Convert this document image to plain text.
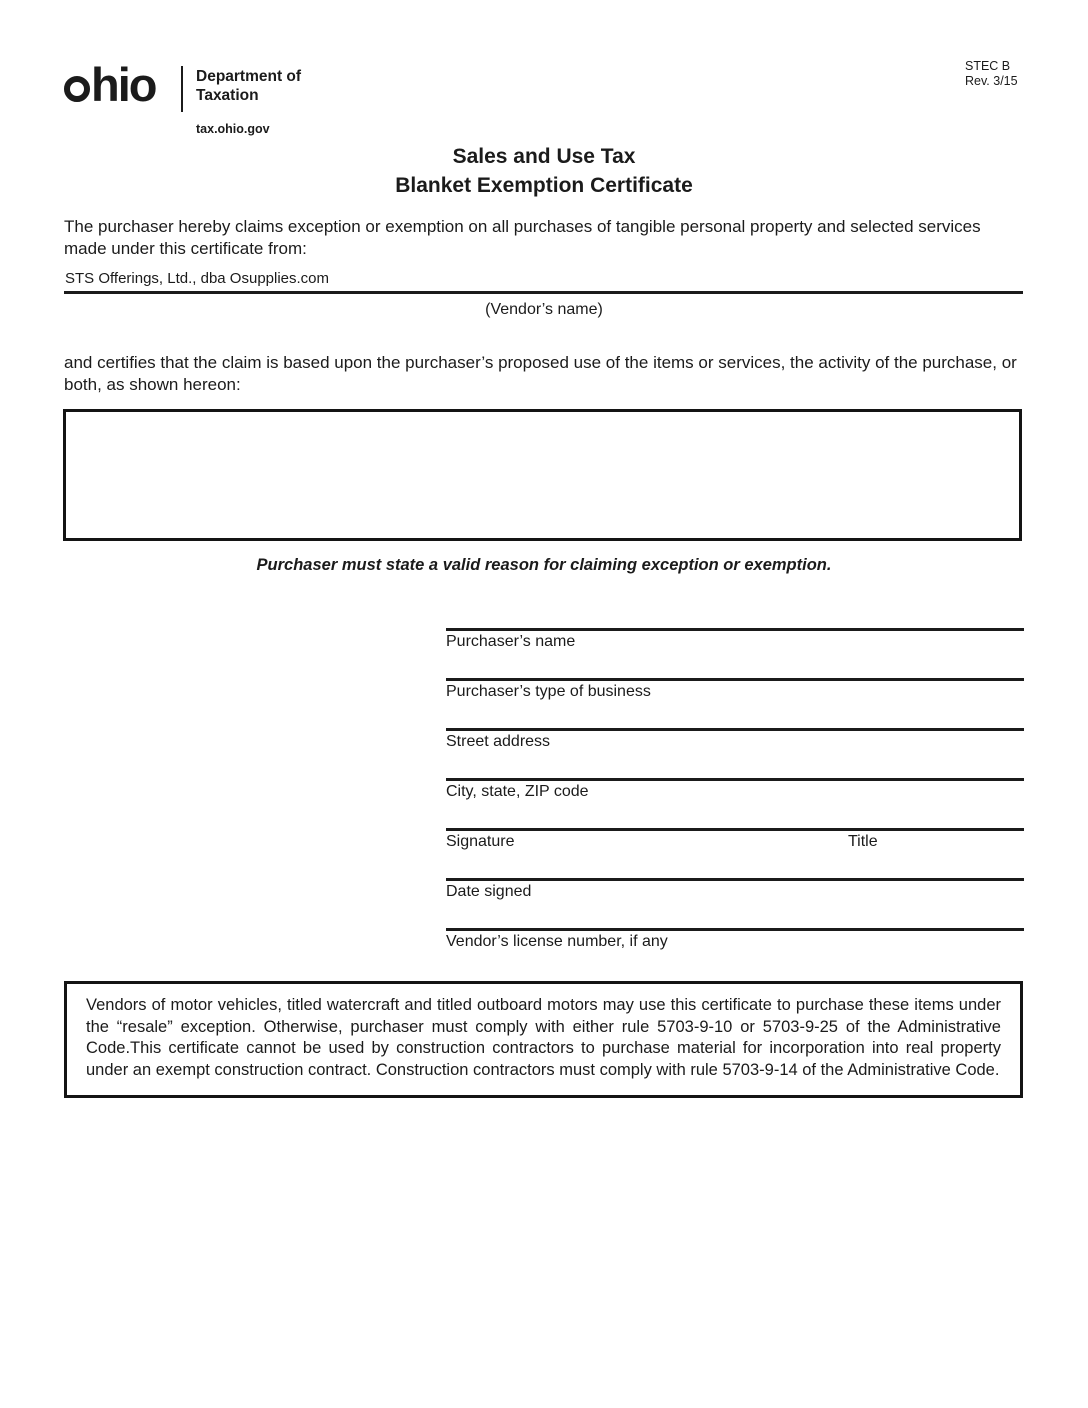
hio	Department of
Taxation
tax.ohio.gov
STEC B
Rev. 3/15
Sales and Use Tax
Blanket Exemption Certificate
The purchaser hereby claims exception or exemption on all purchases of tangible personal property and selected services made under this certificate from:
STS Offerings, Ltd., dba Osupplies.com
(Vendor’s name)
and certifies that the claim is based upon the purchaser’s proposed use of the items or services, the activity of the purchase, or both, as shown hereon:
Purchaser must state a valid reason for claiming exception or exemption.
Purchaser’s name
Purchaser’s type of business
Street address
City, state, ZIP code
Signature	Title
Date signed
Vendor’s license number, if any
Vendors of motor vehicles, titled watercraft and titled outboard motors may use this certificate to purchase these items under the “resale” exception. Otherwise, purchaser must comply with either rule 5703-9-10 or 5703-9-25 of the Administrative Code.This certificate cannot be used by construction contractors to purchase material for incorporation into real property under an exempt construction contract. Construction contractors must comply with rule 5703-9-14 of the Administrative Code.
